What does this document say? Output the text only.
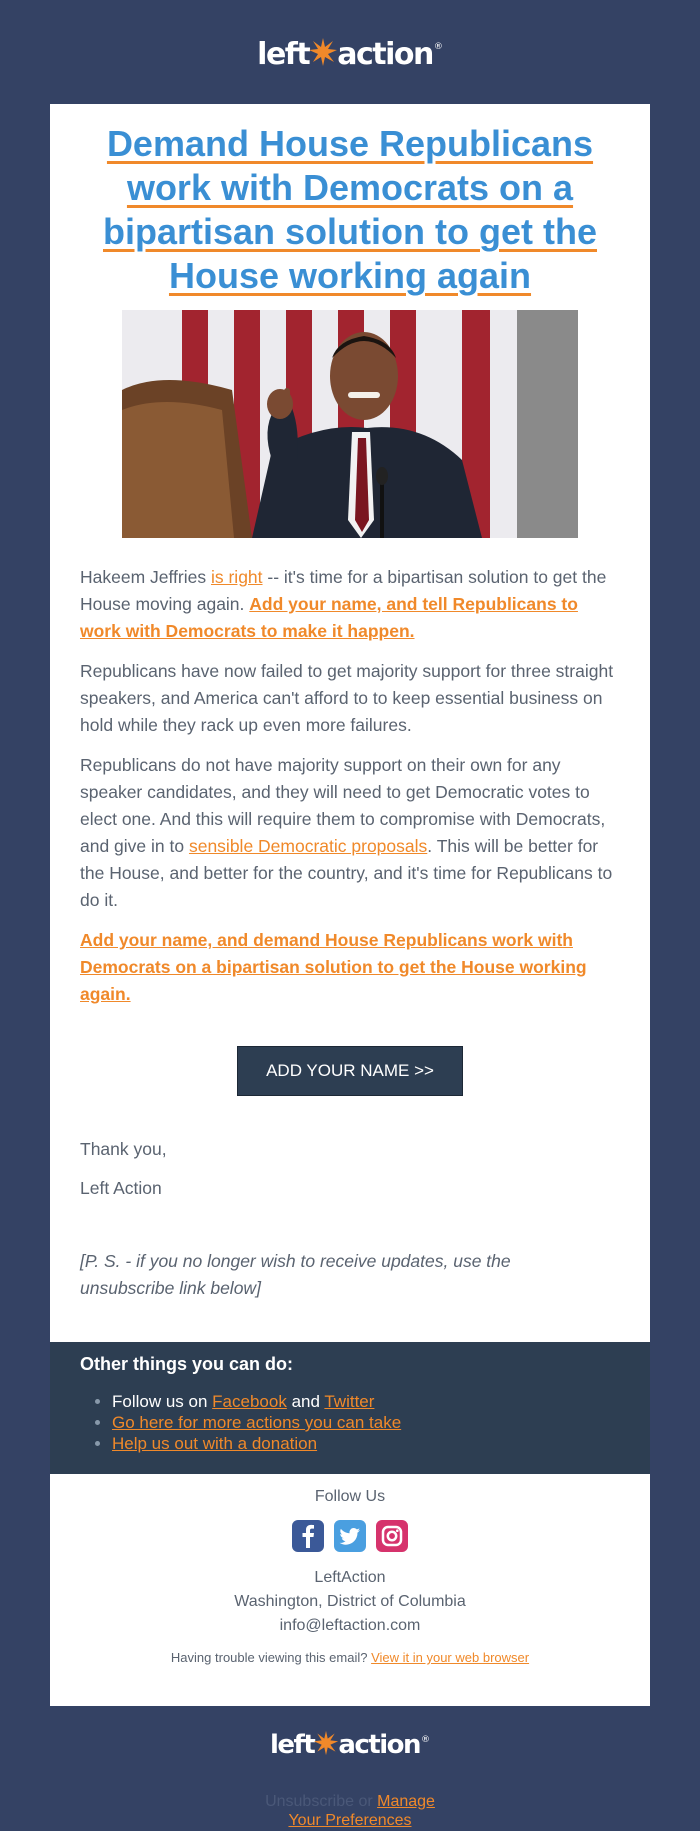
left action ®
Demand House Republicans work with Democrats on a bipartisan solution to get the House working again

Hakeem Jeffries is right -- it's time for a bipartisan solution to get the House moving again. Add your name, and tell Republicans to work with Democrats to make it happen.

Republicans have now failed to get majority support for three straight speakers, and America can't afford to to keep essential business on hold while they rack up even more failures.

Republicans do not have majority support on their own for any speaker candidates, and they will need to get Democratic votes to elect one. And this will require them to compromise with Democrats, and give in to sensible Democratic proposals. This will be better for the House, and better for the country, and it's time for Republicans to do it.

Add your name, and demand House Republicans work with Democrats on a bipartisan solution to get the House working again.

ADD YOUR NAME >>
Thank you,
Left Action
[P. S. - if you no longer wish to receive updates, use the unsubscribe link below]
Other things you can do:
• Follow us on Facebook and Twitter
• Go here for more actions you can take
• Help us out with a donation
Follow Us
LeftAction
Washington, District of Columbia
info@leftaction.com
Having trouble viewing this email? View it in your web browser
left action ®
Unsubscribe or Manage
Your Preferences
